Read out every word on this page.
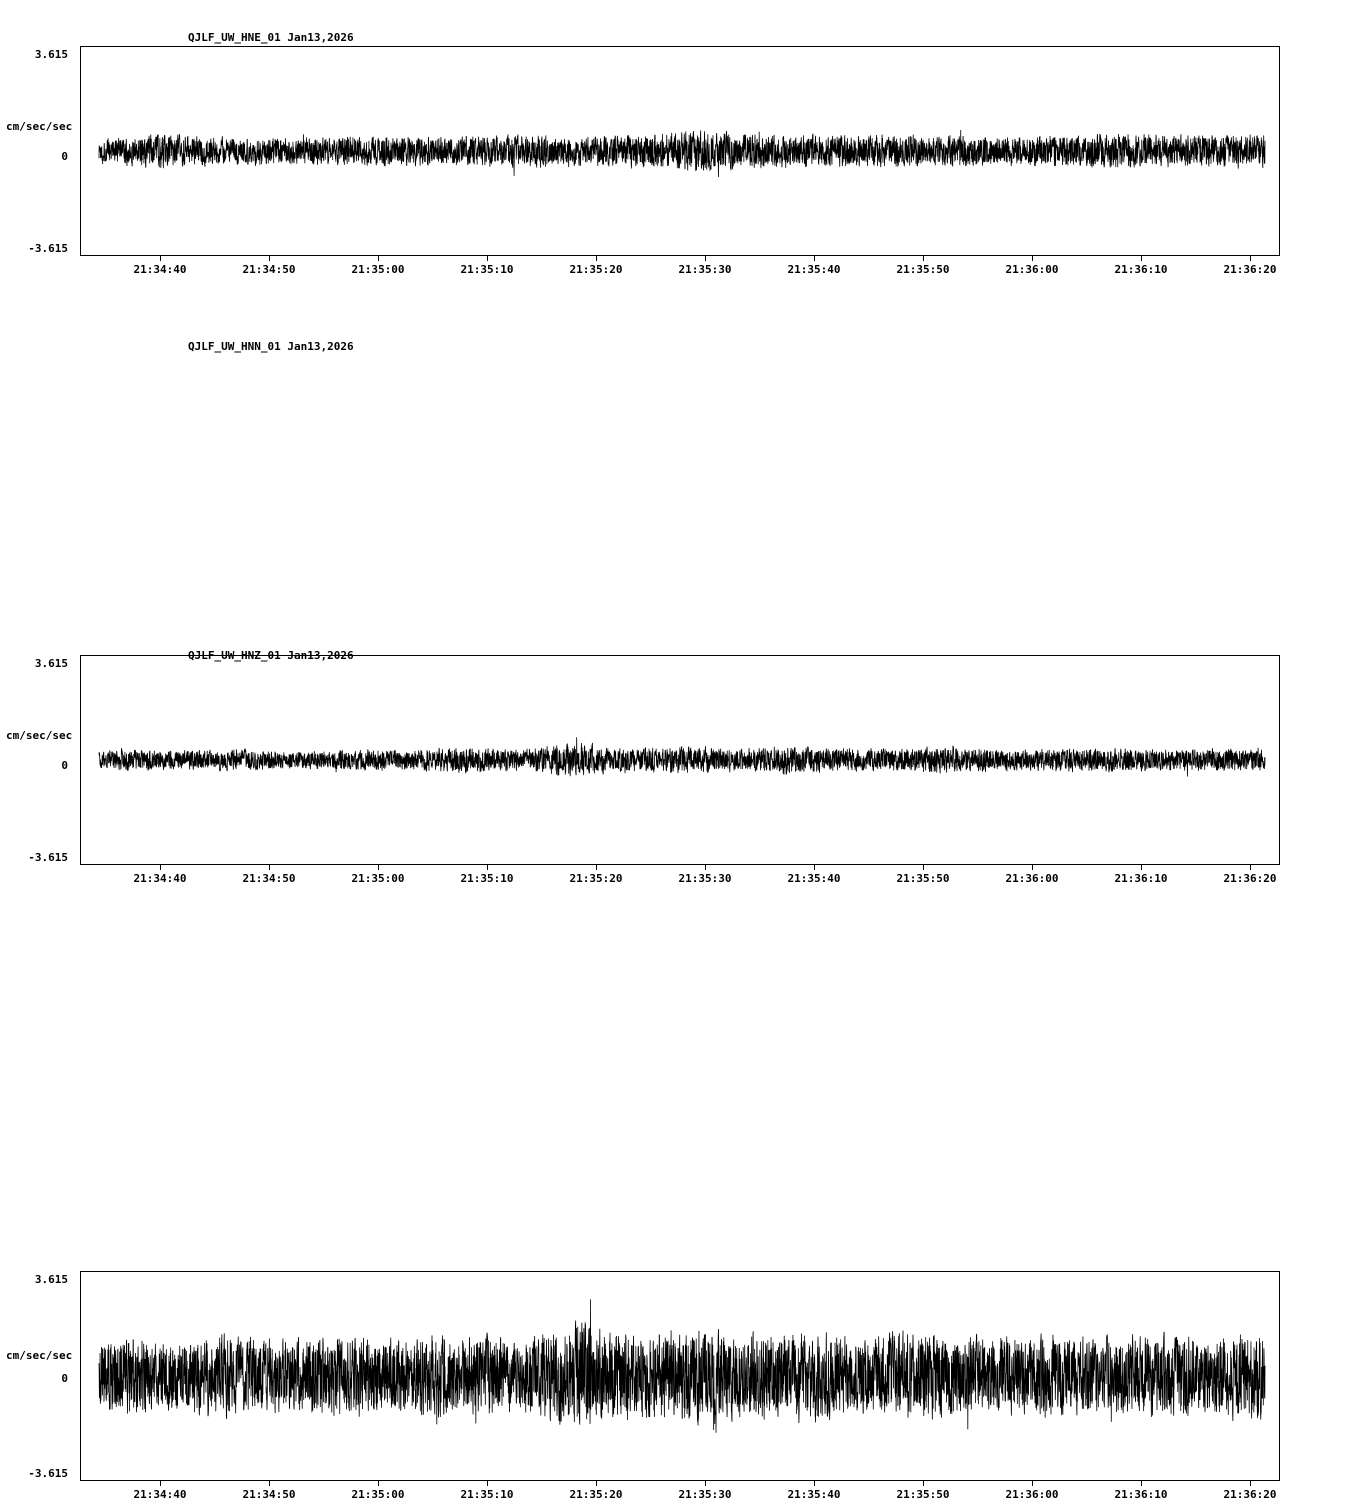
QJLF_UW_HNE_01 Jan13,2026
cm/sec/sec
3.615
0
-3.615
21:34:40	21:34:50	21:35:00	21:35:10	21:35:20	21:35:30	21:35:40	21:35:50	21:36:00	21:36:10	21:36:20
QJLF_UW_HNN_01 Jan13,2026
cm/sec/sec
3.615
0
-3.615
21:34:40	21:34:50	21:35:00	21:35:10	21:35:20	21:35:30	21:35:40	21:35:50	21:36:00	21:36:10	21:36:20
QJLF_UW_HNZ_01 Jan13,2026
cm/sec/sec
3.615
0
-3.615
21:34:40	21:34:50	21:35:00	21:35:10	21:35:20	21:35:30	21:35:40	21:35:50	21:36:00	21:36:10	21:36:20
